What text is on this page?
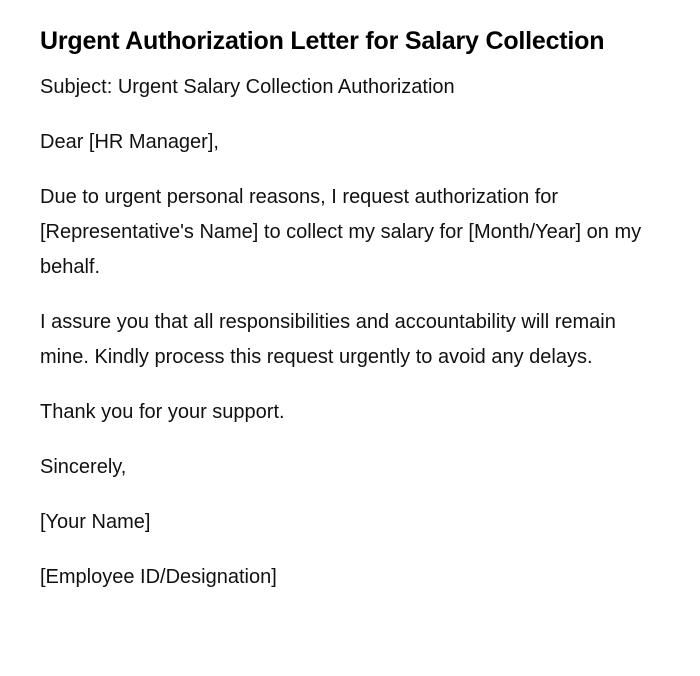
Urgent Authorization Letter for Salary Collection

Subject: Urgent Salary Collection Authorization

Dear [HR Manager],

Due to urgent personal reasons, I request authorization for [Representative's Name] to collect my salary for [Month/Year] on my behalf.

I assure you that all responsibilities and accountability will remain mine. Kindly process this request urgently to avoid any delays.

Thank you for your support.

Sincerely,

[Your Name]

[Employee ID/Designation]
